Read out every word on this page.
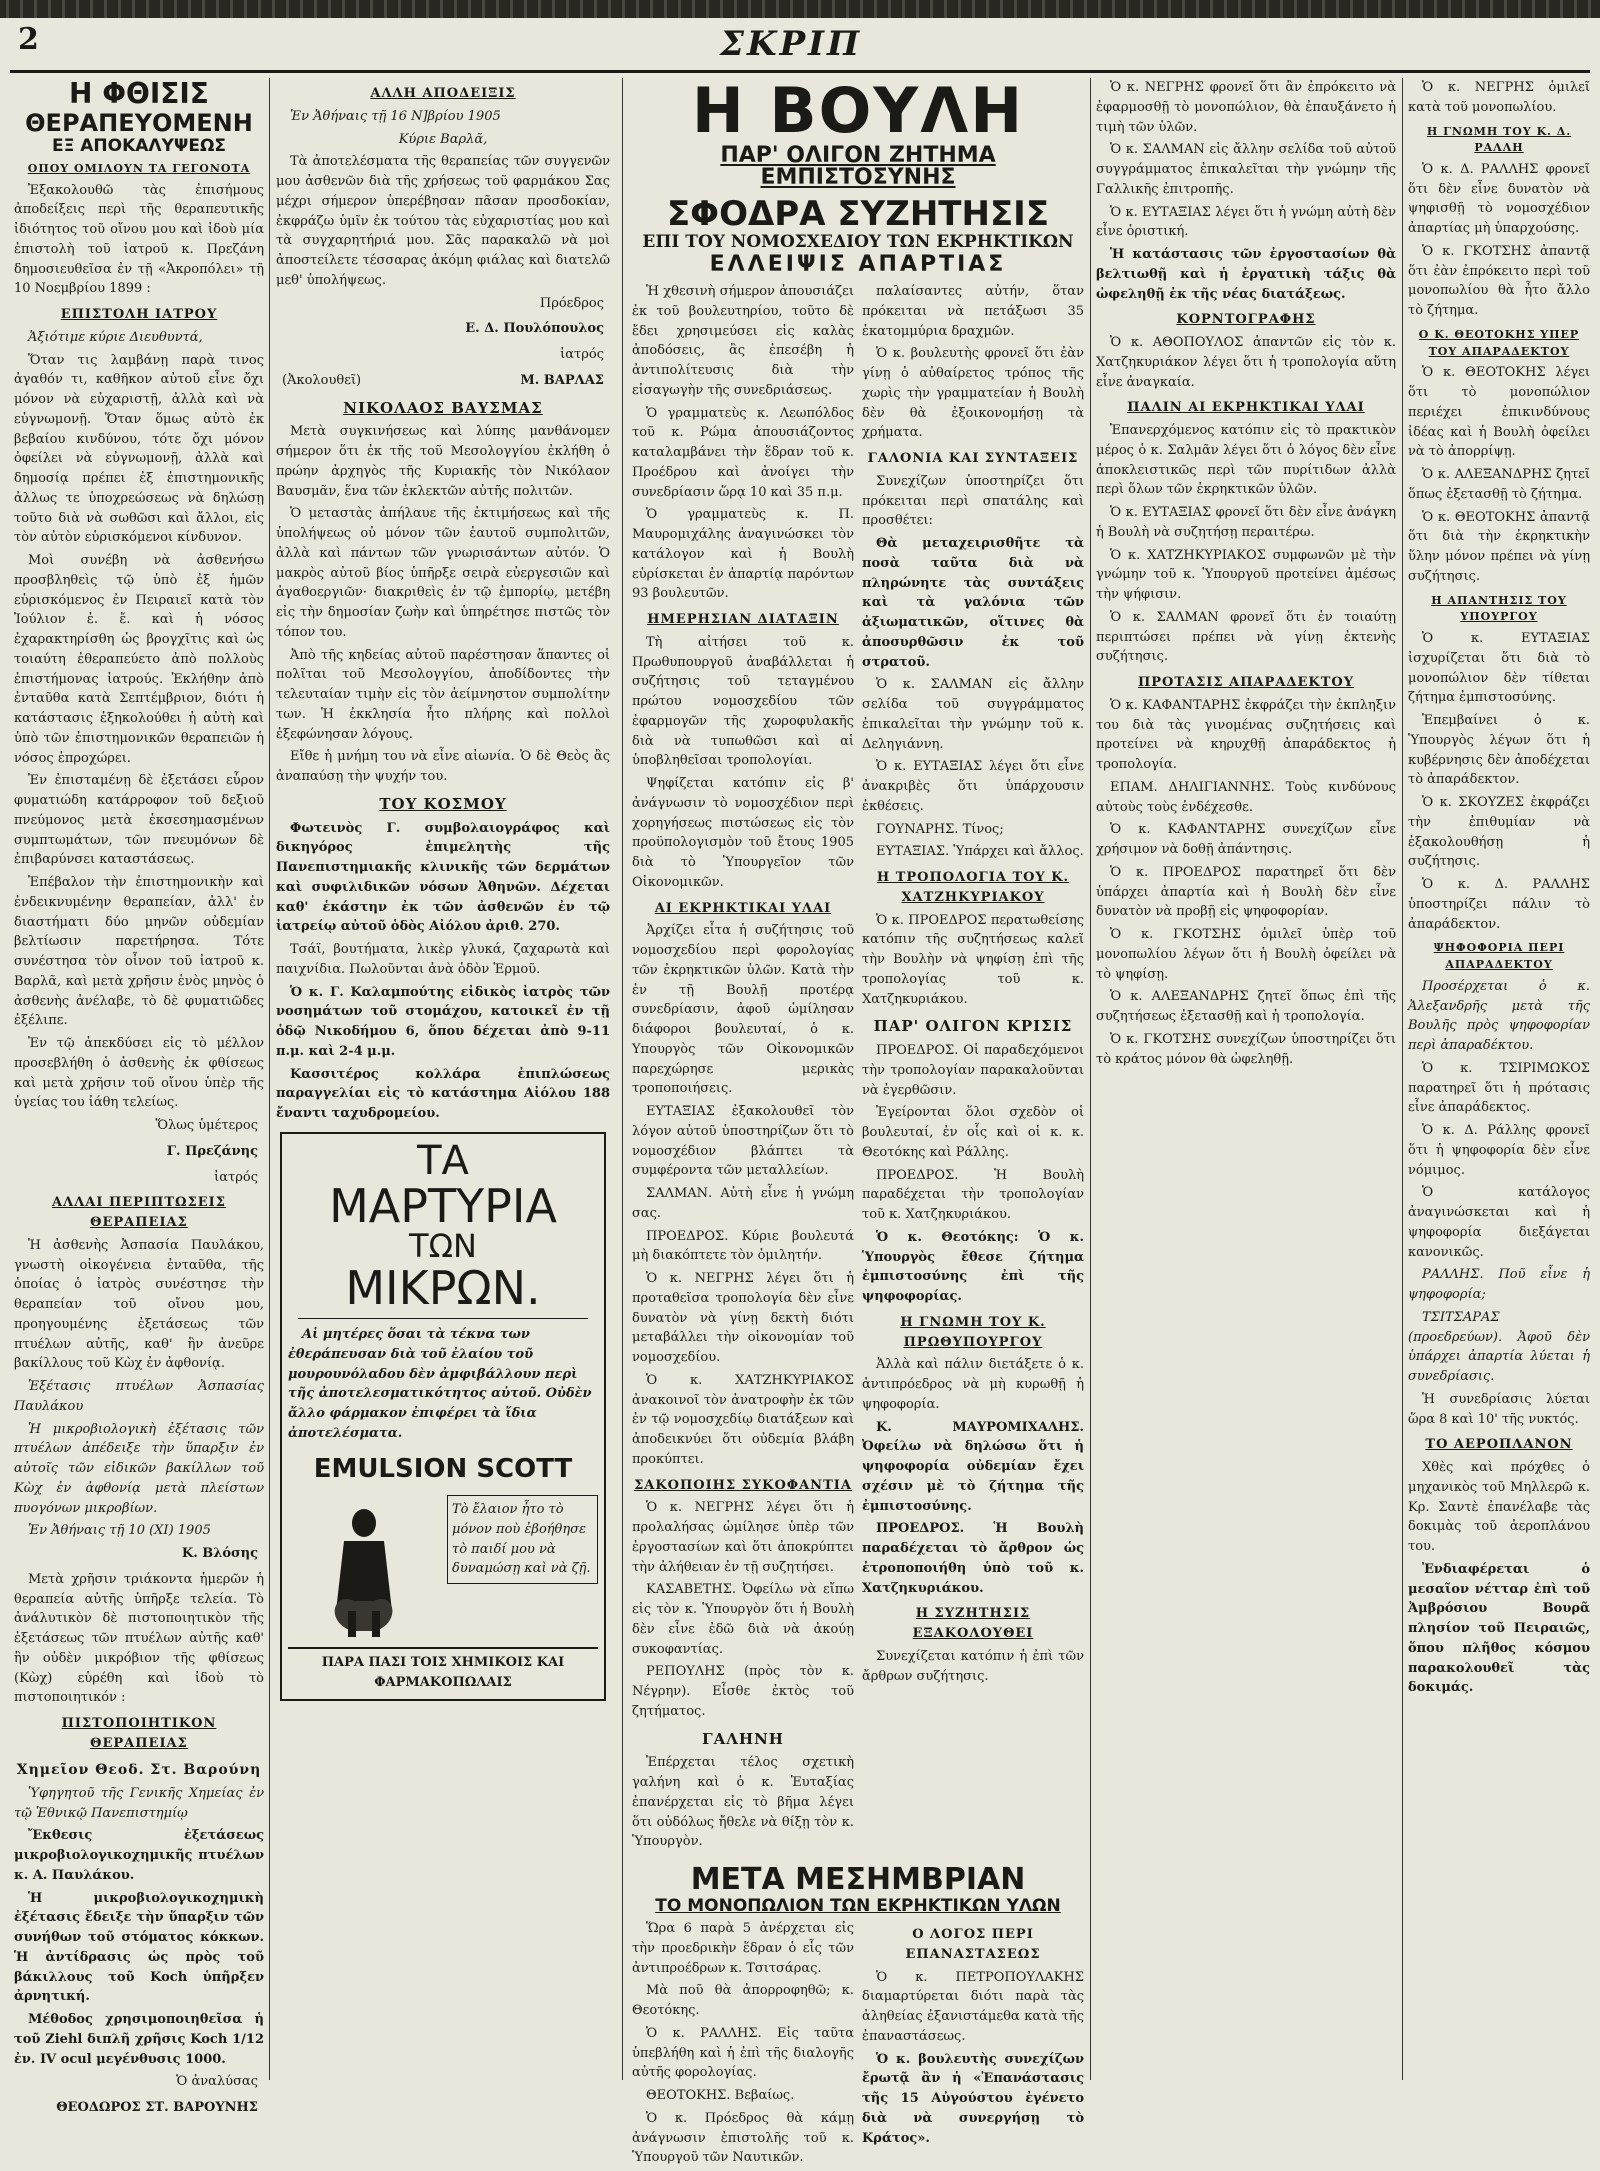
2	ΣΚΡΙΠ
Η ΦΘΙΣΙΣ
ΘΕΡΑΠΕΥΟΜΕΝΗ
ΕΞ ΑΠΟΚΑΛΥΨΕΩΣ
ΟΠΟΥ ΟΜΙΛΟΥΝ ΤΑ ΓΕΓΟΝΟΤΑ

Ἐξακολουθῶ τὰς ἐπισήμους ἀποδείξεις περὶ τῆς θεραπευτικῆς ἰδιότητος τοῦ οἴνου μου καὶ ἰδοὺ μία ἐπιστολὴ τοῦ ἰατροῦ κ. Πρεζάνη δημοσιευθεῖσα ἐν τῇ «Ἀκροπόλει» τῇ 10 Νοεμβρίου 1899 :

ΕΠΙΣΤΟΛΗ ΙΑΤΡΟΥ

Ἀξιότιμε κύριε Διευθυντά,

Ὅταν τις λαμβάνῃ παρὰ τινος ἀγαθόν τι, καθῆκον αὐτοῦ εἶνε ὄχι μόνον νὰ εὐχαριστῇ, ἀλλὰ καὶ νὰ εὐγνωμονῇ. Ὅταν ὅμως αὐτὸ ἐκ βεβαίου κινδύνου, τότε ὄχι μόνον ὀφείλει νὰ εὐγνωμονῇ, ἀλλὰ καὶ δημοσίᾳ πρέπει ἐξ ἐπιστημονικῆς ἀλλως τε ὑποχρεώσεως νὰ δηλώσῃ τοῦτο διὰ νὰ σωθῶσι καὶ ἄλλοι, εἰς τὸν αὐτὸν εὑρισκόμενοι κίνδυνον.

Μοὶ συνέβη νὰ ἀσθενήσω προσβληθεὶς τῷ ὑπὸ ἐξ ἡμῶν εὑρισκόμενος ἐν Πειραιεῖ κατὰ τὸν Ἰούλιον ἐ. ἔ. καὶ ἡ νόσος ἐχαρακτηρίσθη ὡς βρογχῖτις καὶ ὡς τοιαύτη ἐθεραπεύετο ἀπὸ πολλοὺς ἐπιστήμονας ἰατρούς. Ἐκλήθην ἀπὸ ἐνταῦθα κατὰ Σεπτέμβριον, διότι ἡ κατάστασις ἐξηκολούθει ἡ αὐτὴ καὶ ὑπὸ τῶν ἐπιστημονικῶν θεραπειῶν ἡ νόσος ἐπροχώρει.

Ἐν ἐπισταμένῃ δὲ ἐξετάσει εὗρον φυματιώδη κατάρροφον τοῦ δεξιοῦ πνεύμονος μετὰ ἐκσεσημασμένων συμπτωμάτων, τῶν πνευμόνων δὲ ἐπιβαρύνσει καταστάσεως.

Ἐπέβαλον τὴν ἐπιστημονικὴν καὶ ἐνδεικνυμένην θεραπείαν, ἀλλ' ἐν διαστήματι δύο μηνῶν οὐδεμίαν βελτίωσιν παρετήρησα. Τότε συνέστησα τὸν οἶνον τοῦ ἰατροῦ κ. Βαρλᾶ, καὶ μετὰ χρῆσιν ἑνὸς μηνὸς ὁ ἀσθενὴς ἀνέλαβε, τὸ δὲ φυματιῶδες ἐξέλιπε.

Ἐν τῷ ἀπεκδύσει εἰς τὸ μέλλον προσεβλήθη ὁ ἀσθενὴς ἐκ φθίσεως καὶ μετὰ χρῆσιν τοῦ οἴνου ὑπὲρ τῆς ὑγείας του ἰάθη τελείως.

Ὅλως ὑμέτερος
Γ. Πρεζάνης
ἰατρός
ΑΛΛΑΙ ΠΕΡΙΠΤΩΣΕΙΣ ΘΕΡΑΠΕΙΑΣ

Ἡ ἀσθενὴς Ἀσπασία Παυλάκου, γνωστὴ οἰκογένεια ἐνταῦθα, τῆς ὁποίας ὁ ἰατρὸς συνέστησε τὴν θεραπείαν τοῦ οἴνου μου, προηγουμένης ἐξετάσεως τῶν πτυέλων αὐτῆς, καθ' ἣν ἀνεῦρε βακίλλους τοῦ Κὼχ ἐν ἀφθονίᾳ.

Ἐξέτασις πτυέλων Ἀσπασίας Παυλάκου

Ἡ μικροβιολογικὴ ἐξέτασις τῶν πτυέλων ἀπέδειξε τὴν ὕπαρξιν ἐν αὐτοῖς τῶν εἰδικῶν βακίλλων τοῦ Κὼχ ἐν ἀφθονίᾳ μετὰ πλείστων πυογόνων μικροβίων.

Ἐν Ἀθήναις τῇ 10 (ΧΙ) 1905

Κ. Βλόσης

Μετὰ χρῆσιν τριάκοντα ἡμερῶν ἡ θεραπεία αὐτῆς ὑπῆρξε τελεία. Τὸ ἀνάλυτικὸν δὲ πιστοποιητικὸν τῆς ἐξετάσεως τῶν πτυέλων αὐτῆς καθ' ἣν οὐδὲν μικρόβιον τῆς φθίσεως (Κὼχ) εὑρέθη καὶ ἰδοὺ τὸ πιστοποιητικόν :

ΠΙΣΤΟΠΟΙΗΤΙΚΟΝ ΘΕΡΑΠΕΙΑΣ
Χημεῖον Θεοδ. Στ. Βαρούνη

Ὑφηγητοῦ τῆς Γενικῆς Χημείας ἐν τῷ Ἐθνικῷ Πανεπιστημίῳ

Ἔκθεσις ἐξετάσεως μικροβιολογικοχημικῆς πτυέλων κ. Α. Παυλάκου.

Ἡ μικροβιολογικοχημικὴ ἐξέτασις ἔδειξε τὴν ὕπαρξιν τῶν συνήθων τοῦ στόματος κόκκων. Ἡ ἀντίδρασις ὡς πρὸς τοῦ βάκιλλους τοῦ Koch ὑπῆρξεν ἀρνητική.

Μέθοδος χρησιμοποιηθεῖσα ἡ τοῦ Ziehl διπλῆ χρῆσις Koch 1/12 ἐν. IV ocul μεγένθυσις 1000.

Ὁ ἀναλύσας
ΘΕΟΔΩΡΟΣ ΣΤ. ΒΑΡΟΥΝΗΣ
ΑΛΛΗ ΑΠΟΔΕΙΞΙΣ

Ἐν Ἀθήναις τῇ 16 Ν]βρίου 1905

Κύριε Βαρλᾶ,

Τὰ ἀποτελέσματα τῆς θεραπείας τῶν συγγενῶν μου ἀσθενῶν διὰ τῆς χρήσεως τοῦ φαρμάκου Σας μέχρι σήμερον ὑπερέβησαν πᾶσαν προσδοκίαν, ἐκφράζω ὑμῖν ἐκ τούτου τὰς εὐχαριστίας μου καὶ τὰ συγχαρητήριά μου. Σᾶς παρακαλῶ νὰ μοὶ ἀποστείλετε τέσσαρας ἀκόμη φιάλας καὶ διατελῶ μεθ' ὑπολήψεως.

Πρόεδρος
Ε. Δ. Πουλόπουλος
ἰατρός
(Ἀκολουθεῖ)	Μ. ΒΑΡΛΑΣ
ΝΙΚΟΛΑΟΣ ΒΑΥΣΜΑΣ

Μετὰ συγκινήσεως καὶ λύπης μανθάνομεν σήμερον ὅτι ἐκ τῆς τοῦ Μεσολογγίου ἐκλήθη ὁ πρώην ἀρχηγὸς τῆς Κυριακῆς τὸν Νικόλαον Βαυσμᾶν, ἕνα τῶν ἐκλεκτῶν αὐτῆς πολιτῶν.

Ὁ μεταστὰς ἀπήλαυε τῆς ἐκτιμήσεως καὶ τῆς ὑπολήψεως οὐ μόνον τῶν ἑαυτοῦ συμπολιτῶν, ἀλλὰ καὶ πάντων τῶν γνωρισάντων αὐτόν. Ὁ μακρὸς αὐτοῦ βίος ὑπῆρξε σειρὰ εὐεργεσιῶν καὶ ἀγαθοεργιῶν· διακριθεὶς ἐν τῷ ἐμπορίῳ, μετέβη εἰς τὴν δημοσίαν ζωὴν καὶ ὑπηρέτησε πιστῶς τὸν τόπον του.

Ἀπὸ τῆς κηδείας αὐτοῦ παρέστησαν ἅπαντες οἱ πολῖται τοῦ Μεσολογγίου, ἀποδίδοντες τὴν τελευταίαν τιμὴν εἰς τὸν ἀείμνηστον συμπολίτην των. Ἡ ἐκκλησία ἦτο πλήρης καὶ πολλοὶ ἐξεφώνησαν λόγους.

Εἴθε ἡ μνήμη του νὰ εἶνε αἰωνία. Ὁ δὲ Θεὸς ἂς ἀναπαύσῃ τὴν ψυχήν του.

ΤΟΥ ΚΟΣΜΟΥ

Φωτεινὸς Γ. συμβολαιογράφος καὶ δικηγόρος ἐπιμελητὴς τῆς Πανεπιστημιακῆς κλινικῆς τῶν δερμάτων καὶ συφιλιδικῶν νόσων Ἀθηνῶν. Δέχεται καθ' ἑκάστην ἐκ τῶν ἀσθενῶν ἐν τῷ ἰατρείῳ αὐτοῦ ὁδὸς Αἰόλου ἀριθ. 270.

Τσάϊ, βουτήματα, λικὲρ γλυκά, ζαχαρωτὰ καὶ παιχνίδια. Πωλοῦνται ἀνὰ ὁδὸν Ἑρμοῦ.

Ὁ κ. Γ. Καλαμπούτης εἰδικὸς ἰατρὸς τῶν νοσημάτων τοῦ στομάχου, κατοικεῖ ἐν τῇ ὁδῷ Νικοδήμου 6, ὅπου δέχεται ἀπὸ 9-11 π.μ. καὶ 2-4 μ.μ.

Κασσιτέρος κολλάρα ἐπιπλώσεως παραγγελίαι εἰς τὸ κατάστημα Αἰόλου 188 ἔναντι ταχυδρομείου.

ΤΑ
ΜΑΡΤΥΡΙΑ
ΤΩΝ
ΜΙΚΡΩΝ.

Αἱ μητέρες ὅσαι τὰ τέκνα των ἐθεράπευσαν διὰ τοῦ ἐλαίου τοῦ μουρουνόλαδου δὲν ἀμφιβάλλουν περὶ τῆς ἀποτελεσματικότητος αὐτοῦ. Οὐδὲν ἄλλο φάρμακον ἐπιφέρει τὰ ἴδια ἀποτελέσματα.

EMULSION SCOTT

Τὸ ἔλαιον ἦτο τὸ μόνον ποὺ ἐβοήθησε τὸ παιδί μου νὰ δυναμώσῃ καὶ νὰ ζῇ.

ΠΑΡΑ ΠΑΣΙ ΤΟΙΣ ΧΗΜΙΚΟΙΣ ΚΑΙ ΦΑΡΜΑΚΟΠΩΛΑΙΣ
Η ΒΟΥΛΗ
ΠΑΡ' ΟΛΙΓΟΝ ΖΗΤΗΜΑ ΕΜΠΙΣΤΟΣΥΝΗΣ
ΣΦΟΔΡΑ ΣΥΖΗΤΗΣΙΣ
ΕΠΙ ΤΟΥ ΝΟΜΟΣΧΕΔΙΟΥ ΤΩΝ ΕΚΡΗΚΤΙΚΩΝ
ΕΛΛΕΙΨΙΣ ΑΠΑΡΤΙΑΣ

Ἡ χθεσινὴ σήμερον ἀπουσιάζει ἐκ τοῦ βουλευτηρίου, τοῦτο δὲ ἔδει χρησιμεύσει εἰς καλὰς ἀποδόσεις, ἂς ἐπεσέβη ἡ ἀντιπολίτευσις διὰ τὴν εἰσαγωγὴν τῆς συνεδριάσεως.

Ὁ γραμματεὺς κ. Λεωπόλδος τοῦ κ. Ρώμα ἀπουσιάζοντος καταλαμβάνει τὴν ἕδραν τοῦ κ. Προέδρου καὶ ἀνοίγει τὴν συνεδρίασιν ὥρᾳ 10 καὶ 35 π.μ.

Ὁ γραμματεὺς κ. Π. Μαυρομιχάλης ἀναγινώσκει τὸν κατάλογον καὶ ἡ Βουλὴ εὑρίσκεται ἐν ἀπαρτίᾳ παρόντων 93 βουλευτῶν.

ΗΜΕΡΗΣΙΑΝ ΔΙΑΤΑΞΙΝ

Τὴ αἰτήσει τοῦ κ. Πρωθυπουργοῦ ἀναβάλλεται ἡ συζήτησις τοῦ τεταγμένου πρώτου νομοσχεδίου τῶν ἐφαρμογῶν τῆς χωροφυλακῆς διὰ νὰ τυπωθῶσι καὶ αἱ ὑποβληθεῖσαι τροπολογίαι.

Ψηφίζεται κατόπιν εἰς β' ἀνάγνωσιν τὸ νομοσχέδιον περὶ χορηγήσεως πιστώσεως εἰς τὸν προϋπολογισμὸν τοῦ ἔτους 1905 διὰ τὸ Ὑπουργεῖον τῶν Οἰκονομικῶν.

ΑΙ ΕΚΡΗΚΤΙΚΑΙ ΥΛΑΙ

Ἀρχίζει εἶτα ἡ συζήτησις τοῦ νομοσχεδίου περὶ φορολογίας τῶν ἐκρηκτικῶν ὑλῶν. Κατὰ τὴν ἐν τῇ Βουλῇ προτέρᾳ συνεδρίασιν, ἀφοῦ ὡμίλησαν διάφοροι βουλευταί, ὁ κ. Υπουργὸς τῶν Οἰκονομικῶν παρεχώρησε μερικὰς τροποποιήσεις.

ΕΥΤΑΞΙΑΣ ἐξακολουθεῖ τὸν λόγον αὐτοῦ ὑποστηρίζων ὅτι τὸ νομοσχέδιον βλάπτει τὰ συμφέροντα τῶν μεταλλείων.

ΣΑΛΜΑΝ. Αὐτὴ εἶνε ἡ γνώμη σας.

ΠΡΟΕΔΡΟΣ. Κύριε βουλευτά μὴ διακόπτετε τὸν ὁμιλητήν.

Ὁ κ. ΝΕΓΡΗΣ λέγει ὅτι ἡ προταθεῖσα τροπολογία δὲν εἶνε δυνατὸν νὰ γίνῃ δεκτὴ διότι μεταβάλλει τὴν οἰκονομίαν τοῦ νομοσχεδίου.

Ὁ κ. ΧΑΤΖΗΚΥΡΙΑΚΟΣ ἀνακοινοῖ τὸν ἀνατροφὴν ἐκ τῶν ἐν τῷ νομοσχεδίῳ διατάξεων καὶ ἀποδεικνύει ὅτι οὐδεμία βλάβη προκύπτει.

ΣΑΚΟΠΟΙΗΣ ΣΥΚΟΦΑΝΤΙΑ

Ὁ κ. ΝΕΓΡΗΣ λέγει ὅτι ἡ προλαλήσας ὡμίλησε ὑπὲρ τῶν ἐργοστασίων καὶ ὅτι ἀποκρύπτει τὴν ἀλήθειαν ἐν τῇ συζητήσει.

ΚΑΣΑΒΕΤΗΣ. Ὀφείλω νὰ εἴπω εἰς τὸν κ. Ὑπουργὸν ὅτι ἡ Βουλὴ δὲν εἶνε ἐδῶ διὰ νὰ ἀκούῃ συκοφαντίας.

ΡΕΠΟΥΛΗΣ (πρὸς τὸν κ. Νέγρην). Εἶσθε ἐκτὸς τοῦ ζητήματος.

ΓΑΛΗΝΗ

Ἐπέρχεται τέλος σχετικὴ γαλήνη καὶ ὁ κ. Ἐυταξίας ἐπανέρχεται εἰς τὸ βῆμα λέγει ὅτι οὐδόλως ἤθελε νὰ θίξῃ τὸν κ. Ὑπουργὸν.

παλαίσαντες αὐτήν, ὅταν πρόκειται νὰ πετάξωσι 35 ἑκατομμύρια δραχμῶν.

Ὁ κ. βουλευτὴς φρονεῖ ὅτι ἐὰν γίνῃ ὁ αὐθαίρετος τρόπος τῆς χωρὶς τὴν γραμματείαν ἡ Βουλὴ δὲν θὰ ἐξοικονομήσῃ τὰ χρήματα.

ΓΑΛΟΝΙΑ ΚΑΙ ΣΥΝΤΑΞΕΙΣ

Συνεχίζων ὑποστηρίζει ὅτι πρόκειται περὶ σπατάλης καὶ προσθέτει:

Θὰ μεταχειρισθῆτε τὰ ποσὰ ταῦτα διὰ νὰ πληρώνητε τὰς συντάξεις καὶ τὰ γαλόνια τῶν ἀξιωματικῶν, οἵτινες θὰ ἀποσυρθῶσιν ἐκ τοῦ στρατοῦ.

Ὁ κ. ΣΑΛΜΑΝ εἰς ἄλλην σελίδα τοῦ συγγράμματος ἐπικαλεῖται τὴν γνώμην τοῦ κ. Δεληγιάννη.

Ὁ κ. ΕΥΤΑΞΙΑΣ λέγει ὅτι εἶνε ἀνακριβὲς ὅτι ὑπάρχουσιν ἐκθέσεις.

ΓΟΥΝΑΡΗΣ. Τίνος;

ΕΥΤΑΞΙΑΣ. Ὑπάρχει καὶ ἄλλος.

Η ΤΡΟΠΟΛΟΓΙΑ ΤΟΥ Κ. ΧΑΤΖΗΚΥΡΙΑΚΟΥ

Ὁ κ. ΠΡΟΕΔΡΟΣ περατωθείσης κατόπιν τῆς συζητήσεως καλεῖ τὴν Βουλὴν νὰ ψηφίσῃ ἐπὶ τῆς τροπολογίας τοῦ κ. Χατζηκυριάκου.

ΠΑΡ' ΟΛΙΓΟΝ ΚΡΙΣΙΣ

ΠΡΟΕΔΡΟΣ. Οἱ παραδεχόμενοι τὴν τροπολογίαν παρακαλοῦνται νὰ ἐγερθῶσιν.

Ἐγείρονται ὅλοι σχεδὸν οἱ βουλευταί, ἐν οἷς καὶ οἱ κ. κ. Θεοτόκης καὶ Ράλλης.

ΠΡΟΕΔΡΟΣ. Ἡ Βουλὴ παραδέχεται τὴν τροπολογίαν τοῦ κ. Χατζηκυριάκου.

Ὁ κ. Θεοτόκης: Ὁ κ. Ὑπουργὸς ἔθεσε ζήτημα ἐμπιστοσύνης ἐπὶ τῆς ψηφοφορίας.

Η ΓΝΩΜΗ ΤΟΥ Κ. ΠΡΩΘΥΠΟΥΡΓΟΥ

Ἀλλὰ καὶ πάλιν διετάξετε ὁ κ. ἀντιπρόεδρος νὰ μὴ κυρωθῇ ἡ ψηφοφορία.

Κ. ΜΑΥΡΟΜΙΧΑΛΗΣ. Ὀφείλω νὰ δηλώσω ὅτι ἡ ψηφοφορία οὐδεμίαν ἔχει σχέσιν μὲ τὸ ζήτημα τῆς ἐμπιστοσύνης.

ΠΡΟΕΔΡΟΣ. Ἡ Βουλὴ παραδέχεται τὸ ἄρθρον ὡς ἐτροποποιήθη ὑπὸ τοῦ κ. Χατζηκυριάκου.

Η ΣΥΖΗΤΗΣΙΣ ΕΞΑΚΟΛΟΥΘΕΙ

Συνεχίζεται κατόπιν ἡ ἐπὶ τῶν ἄρθρων συζήτησις.

ΜΕΤΑ ΜΕΣΗΜΒΡΙΑΝ
ΤΟ ΜΟΝΟΠΩΛΙΟΝ ΤΩΝ ΕΚΡΗΚΤΙΚΩΝ ΥΛΩΝ

Ὥρα 6 παρὰ 5 ἀνέρχεται εἰς τὴν προεδρικὴν ἕδραν ὁ εἷς τῶν ἀντιπροέδρων κ. Τσιτσάρας.

Μὰ ποῦ θὰ ἀπορροφηθῶ; κ. Θεοτόκης.

Ὁ κ. ΡΑΛΛΗΣ. Εἰς ταῦτα ὑπεβλήθη καὶ ἡ ἐπὶ τῆς διαλογῆς αὐτῆς φορολογίας.

ΘΕΟΤΟΚΗΣ. Βεβαίως.

Ὁ κ. Πρόεδρος θὰ κάμῃ ἀνάγνωσιν ἐπιστολῆς τοῦ κ. Ὑπουργοῦ τῶν Ναυτικῶν.

Ο ΛΟΓΟΣ ΠΕΡΙ ΕΠΑΝΑΣΤΑΣΕΩΣ

Ὁ κ. ΠΕΤΡΟΠΟΥΛΑΚΗΣ διαμαρτύρεται διότι παρὰ τὰς ἀληθείας ἐξανιστάμεθα κατὰ τῆς ἐπαναστάσεως.

Ὁ κ. βουλευτὴς συνεχίζων ἔρωτᾷ ἂν ἡ «Ἐπανάστασις τῆς 15 Αὐγούστου ἐγένετο διὰ νὰ συνεργήσῃ τὸ Κράτος».

Ὁ κ. ΝΕΓΡΗΣ φρονεῖ ὅτι ἂν ἐπρόκειτο νὰ ἐφαρμοσθῇ τὸ μονοπώλιον, θὰ ἐπαυξάνετο ἡ τιμὴ τῶν ὑλῶν.

Ὁ κ. ΣΑΛΜΑΝ εἰς ἄλλην σελίδα τοῦ αὐτοῦ συγγράμματος ἐπικαλεῖται τὴν γνώμην τῆς Γαλλικῆς ἐπιτροπῆς.

Ὁ κ. ΕΥΤΑΞΙΑΣ λέγει ὅτι ἡ γνώμη αὐτὴ δὲν εἶνε ὁριστική.

Ἡ κατάστασις τῶν ἐργοστασίων θὰ βελτιωθῇ καὶ ἡ ἐργατικὴ τάξις θὰ ὠφεληθῇ ἐκ τῆς νέας διατάξεως.

ΚΟΡΝΤΟΓΡΑΦΗΣ

Ὁ κ. ΑΘΟΠΟΥΛΟΣ ἀπαντῶν εἰς τὸν κ. Χατζηκυριάκον λέγει ὅτι ἡ τροπολογία αὕτη εἶνε ἀναγκαία.

ΠΑΛΙΝ ΑΙ ΕΚΡΗΚΤΙΚΑΙ ΥΛΑΙ

Ἐπανερχόμενος κατόπιν εἰς τὸ πρακτικὸν μέρος ὁ κ. Σαλμᾶν λέγει ὅτι ὁ λόγος δὲν εἶνε ἀποκλειστικῶς περὶ τῶν πυρίτιδων ἀλλὰ περὶ ὅλων τῶν ἐκρηκτικῶν ὑλῶν.

Ὁ κ. ΕΥΤΑΞΙΑΣ φρονεῖ ὅτι δὲν εἶνε ἀνάγκη ἡ Βουλὴ νὰ συζητήσῃ περαιτέρω.

Ὁ κ. ΧΑΤΖΗΚΥΡΙΑΚΟΣ συμφωνῶν μὲ τὴν γνώμην τοῦ κ. Ὑπουργοῦ προτείνει ἀμέσως τὴν ψήφισιν.

Ὁ κ. ΣΑΛΜΑΝ φρονεῖ ὅτι ἐν τοιαύτῃ περιπτώσει πρέπει νὰ γίνῃ ἐκτενὴς συζήτησις.

ΠΡΟΤΑΣΙΣ ΑΠΑΡΑΔΕΚΤΟΥ

Ὁ κ. ΚΑΦΑΝΤΑΡΗΣ ἐκφράζει τὴν ἐκπληξιν του διὰ τὰς γινομένας συζητήσεις καὶ προτείνει νὰ κηρυχθῇ ἀπαράδεκτος ἡ τροπολογία.

ΕΠΑΜ. ΔΗΛΙΓΙΑΝΝΗΣ. Τοὺς κινδύνους αὐτοὺς τοὺς ἐνδέχεσθε.

Ὁ κ. ΚΑΦΑΝΤΑΡΗΣ συνεχίζων εἶνε χρήσιμον νὰ δοθῇ ἀπάντησις.

Ὁ κ. ΠΡΟΕΔΡΟΣ παρατηρεῖ ὅτι δὲν ὑπάρχει ἀπαρτία καὶ ἡ Βουλὴ δὲν εἶνε δυνατὸν νὰ προβῇ εἰς ψηφοφορίαν.

Ὁ κ. ΓΚΟΤΣΗΣ ὁμιλεῖ ὑπὲρ τοῦ μονοπωλίου λέγων ὅτι ἡ Βουλὴ ὀφείλει νὰ τὸ ψηφίσῃ.

Ὁ κ. ΑΛΕΞΑΝΔΡΗΣ ζητεῖ ὅπως ἐπὶ τῆς συζητήσεως ἐξετασθῇ καὶ ἡ τροπολογία.

Ὁ κ. ΓΚΟΤΣΗΣ συνεχίζων ὑποστηρίζει ὅτι τὸ κράτος μόνον θὰ ὠφεληθῇ.

Ὁ κ. ΝΕΓΡΗΣ ὁμιλεῖ κατὰ τοῦ μονοπωλίου.

Η ΓΝΩΜΗ ΤΟΥ Κ. Δ. ΡΑΛΛΗ

Ὁ κ. Δ. ΡΑΛΛΗΣ φρονεῖ ὅτι δὲν εἶνε δυνατὸν νὰ ψηφισθῇ τὸ νομοσχέδιον ἀπαρτίας μὴ ὑπαρχούσης.

Ὁ κ. ΓΚΟΤΣΗΣ ἀπαντᾷ ὅτι ἐὰν ἐπρόκειτο περὶ τοῦ μονοπωλίου θὰ ἦτο ἄλλο τὸ ζήτημα.

Ο Κ. ΘΕΟΤΟΚΗΣ ΥΠΕΡ ΤΟΥ ΑΠΑΡΑΔΕΚΤΟΥ

Ὁ κ. ΘΕΟΤΟΚΗΣ λέγει ὅτι τὸ μονοπώλιον περιέχει ἐπικινδύνους ἰδέας καὶ ἡ Βουλὴ ὀφείλει νὰ τὸ ἀπορρίψῃ.

Ὁ κ. ΑΛΕΞΑΝΔΡΗΣ ζητεῖ ὅπως ἐξετασθῇ τὸ ζήτημα.

Ὁ κ. ΘΕΟΤΟΚΗΣ ἀπαντᾷ ὅτι διὰ τὴν ἐκρηκτικὴν ὕλην μόνον πρέπει νὰ γίνῃ συζήτησις.

Η ΑΠΑΝΤΗΣΙΣ ΤΟΥ ΥΠΟΥΡΓΟΥ

Ὁ κ. ΕΥΤΑΞΙΑΣ ἰσχυρίζεται ὅτι διὰ τὸ μονοπώλιον δὲν τίθεται ζήτημα ἐμπιστοσύνης.

Ἐπεμβαίνει ὁ κ. Ὑπουργὸς λέγων ὅτι ἡ κυβέρνησις δὲν ἀποδέχεται τὸ ἀπαράδεκτον.

Ὁ κ. ΣΚΟΥΖΕΣ ἐκφράζει τὴν ἐπιθυμίαν νὰ ἐξακολουθήσῃ ἡ συζήτησις.

Ὁ κ. Δ. ΡΑΛΛΗΣ ὑποστηρίζει πάλιν τὸ ἀπαράδεκτον.

ΨΗΦΟΦΟΡΙΑ ΠΕΡΙ ΑΠΑΡΑΔΕΚΤΟΥ

Προσέρχεται ὁ κ. Ἀλεξανδρῆς μετὰ τῆς Βουλῆς πρὸς ψηφοφορίαν περὶ ἀπαραδέκτου.

Ὁ κ. ΤΣΙΡΙΜΩΚΟΣ παρατηρεῖ ὅτι ἡ πρότασις εἶνε ἀπαράδεκτος.

Ὁ κ. Δ. Ράλλης φρονεῖ ὅτι ἡ ψηφοφορία δὲν εἶνε νόμιμος.

Ὁ κατάλογος ἀναγινώσκεται καὶ ἡ ψηφοφορία διεξάγεται κανονικῶς.

ΡΑΛΛΗΣ. Ποῦ εἶνε ἡ ψηφοφορία;

ΤΣΙΤΣΑΡΑΣ (προεδρεύων). Ἀφοῦ δὲν ὑπάρχει ἀπαρτία λύεται ἡ συνεδρίασις.

Ἡ συνεδρίασις λύεται ὥρα 8 καὶ 10' τῆς νυκτός.

ΤΟ ΑΕΡΟΠΛΑΝΟΝ

Χθὲς καὶ πρόχθες ὁ μηχανικὸς τοῦ Μηλλερῶ κ. Κρ. Σαντὲ ἐπανέλαβε τὰς δοκιμὰς τοῦ ἀεροπλάνου του.

Ἐνδιαφέρεται ὁ μεσαῖον νέτταρ ἐπὶ τοῦ Ἀμβρόσιου Βουρᾶ πλησίον τοῦ Πειραιῶς, ὅπου πλῆθος κόσμου παρακολουθεῖ τὰς δοκιμάς.
